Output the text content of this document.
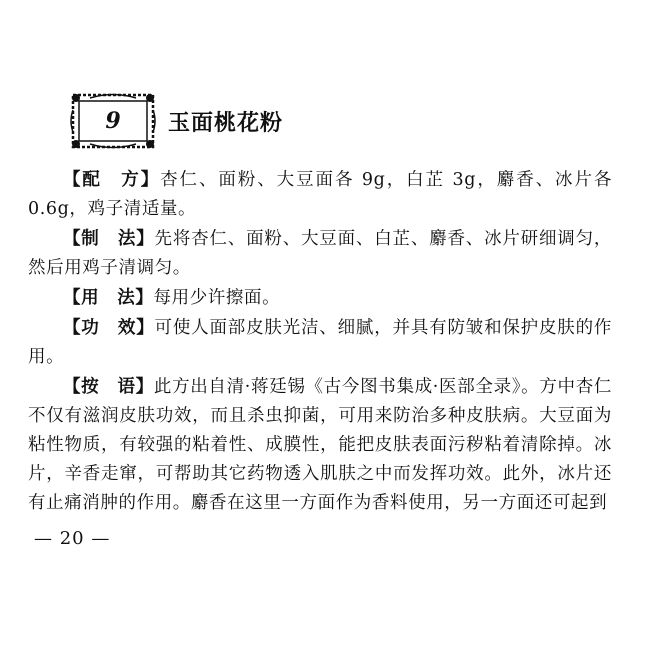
9	玉面桃花粉

【配　方】杏仁、面粉、大豆面各 9g，白芷 3g，麝香、冰片各 0.6g，鸡子清适量。

【制　法】先将杏仁、面粉、大豆面、白芷、麝香、冰片研细调匀，然后用鸡子清调匀。

【用　法】每用少许擦面。

【功　效】可使人面部皮肤光洁、细腻，并具有防皱和保护皮肤的作用。

【按　语】此方出自清·蒋廷锡《古今图书集成·医部全录》。方中杏仁不仅有滋润皮肤功效，而且杀虫抑菌，可用来防治多种皮肤病。大豆面为粘性物质，有较强的粘着性、成膜性，能把皮肤表面污秽粘着清除掉。冰片，辛香走窜，可帮助其它药物透入肌肤之中而发挥功效。此外，冰片还有止痛消肿的作用。麝香在这里一方面作为香料使用，另一方面还可起到

— 20 —
